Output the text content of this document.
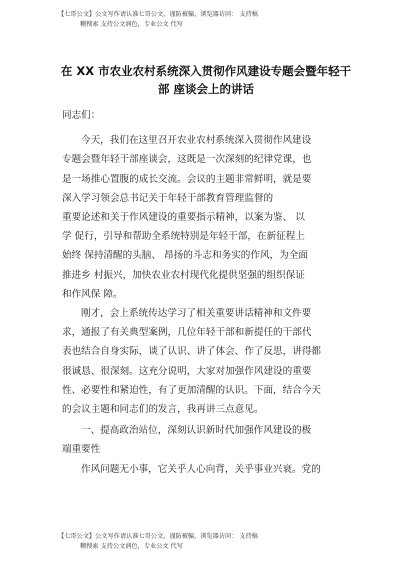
【七哥公文】公文写作请认准七哥公文，谨防被骗，浏览器访问： 支持稿
糊搜索 支持公文润色，专业公文 代写
在 XX 市农业农村系统深入贯彻作风建设专题会暨年轻干
部 座谈会上的讲话

同志们：

今天，我们在这里召开农业农村系统深入贯彻作风建设
专题会暨年轻干部座谈会，这既是一次深刻的纪律党课，也
是一场推心置腹的成长交流。会议的主题非常鲜明，就是要
深入学习领会总书记关于年轻干部教育管理监督的
重要论述和关于作风建设的重要指示精神，以案为鉴、 以
学 促行，引导和帮助全系统特别是年轻干部，在新征程上
始终 保持清醒的头脑、 昂扬的斗志和务实的作风，为全面
推进乡 村振兴，加快农业农村现代化提供坚强的组织保证
和作风保 障。

刚才，会上系统传达学习了相关重要讲话精神和文件要
求，通报了有关典型案例，几位年轻干部和新提任的干部代
表也结合自身实际，谈了认识、讲了体会、作了反思，讲得都
很诚恳、很深刻。这充分说明，大家对加强作风建设的重要
性、必要性和紧迫性，有了更加清醒的认识。下面，结合今天
的会议主题和同志们的发言，我再讲三点意见。

一、提高政治站位，深刻认识新时代加强作风建设的极
端重要性

作风问题无小事，它关乎人心向背，关乎事业兴衰。党的

【七哥公文】公文写作请认准七哥公文，谨防被骗，浏览器访问： 支持稿
糊搜索 支持公文润色，专业公文 代写
